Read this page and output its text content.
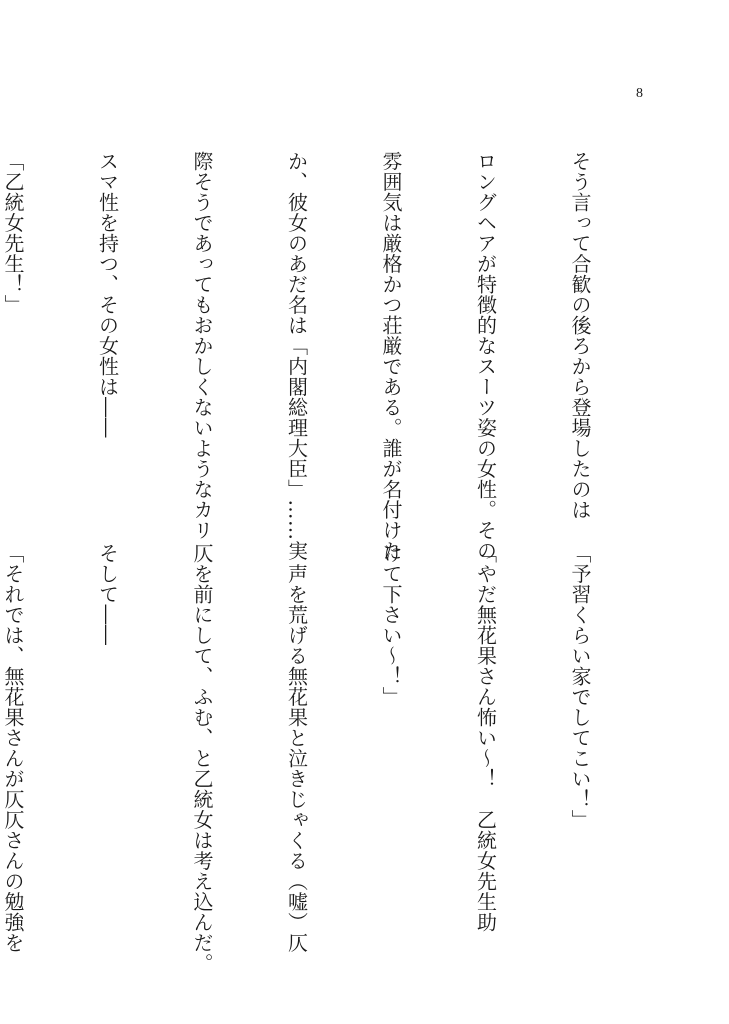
8

そう言って合歓の後ろから登場したのは

ロングヘアが特徴的なスーツ姿の女性。その

雰囲気は厳格かつ荘厳である。誰が名付けた

か、彼女のあだ名は「内閣総理大臣」……実

際そうであってもおかしくないようなカリ

スマ性を持つ、その女性は――

「乙統女先生！」

「予習くらい家でしてこい！」

「やだ無花果さん怖い〜！　乙統女先生助

けて下さい〜！」

　声を荒げる無花果と泣きじゃくる（嘘）仄

仄を前にして、ふむ、と乙統女は考え込んだ。

そして――

「それでは、無花果さんが仄仄さんの勉強を
